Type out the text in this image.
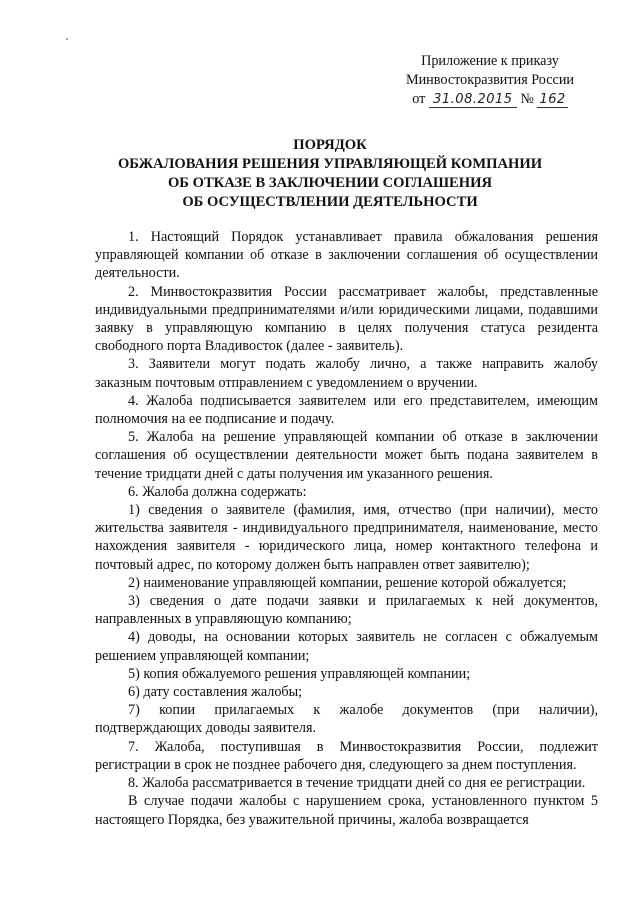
Приложение к приказу
Минвостокразвития России
от 31.08.2015 № 162
ПОРЯДОК
ОБЖАЛОВАНИЯ РЕШЕНИЯ УПРАВЛЯЮЩЕЙ КОМПАНИИ
ОБ ОТКАЗЕ В ЗАКЛЮЧЕНИИ СОГЛАШЕНИЯ
ОБ ОСУЩЕСТВЛЕНИИ ДЕЯТЕЛЬНОСТИ

1. Настоящий Порядок устанавливает правила обжалования решения управляющей компании об отказе в заключении соглашения об осуществлении деятельности.

2. Минвостокразвития России рассматривает жалобы, представленные индивидуальными предпринимателями и/или юридическими лицами, подавшими заявку в управляющую компанию в целях получения статуса резидента свободного порта Владивосток (далее - заявитель).

3. Заявители могут подать жалобу лично, а также направить жалобу заказным почтовым отправлением с уведомлением о вручении.

4. Жалоба подписывается заявителем или его представителем, имеющим полномочия на ее подписание и подачу.

5. Жалоба на решение управляющей компании об отказе в заключении соглашения об осуществлении деятельности может быть подана заявителем в течение тридцати дней с даты получения им указанного решения.

6. Жалоба должна содержать:

1) сведения о заявителе (фамилия, имя, отчество (при наличии), место жительства заявителя - индивидуального предпринимателя, наименование, место нахождения заявителя - юридического лица, номер контактного телефона и почтовый адрес, по которому должен быть направлен ответ заявителю);

2) наименование управляющей компании, решение которой обжалуется;

3) сведения о дате подачи заявки и прилагаемых к ней документов, направленных в управляющую компанию;

4) доводы, на основании которых заявитель не согласен с обжалуемым решением управляющей компании;

5) копия обжалуемого решения управляющей компании;

6) дату составления жалобы;

7) копии прилагаемых к жалобе документов (при наличии), подтверждающих доводы заявителя.

7. Жалоба, поступившая в Минвостокразвития России, подлежит регистрации в срок не позднее рабочего дня, следующего за днем поступления.

8. Жалоба рассматривается в течение тридцати дней со дня ее регистрации.

В случае подачи жалобы с нарушением срока, установленного пунктом 5 настоящего Порядка, без уважительной причины, жалоба возвращается
